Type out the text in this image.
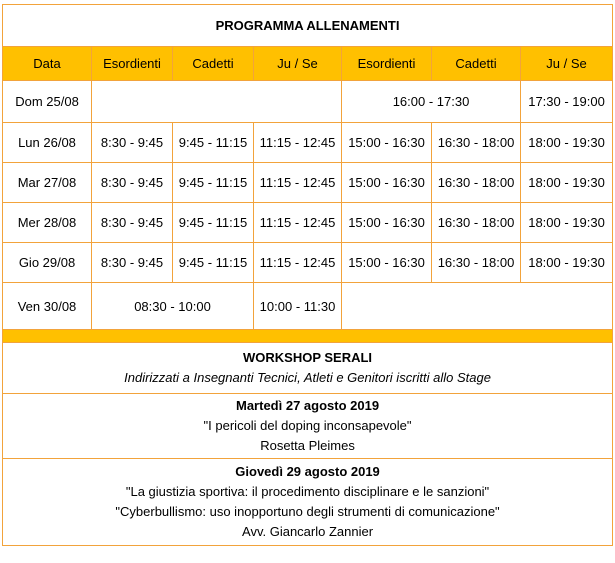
PROGRAMMA ALLENAMENTI						
Data	Esordienti	Cadetti	Ju / Se	Esordienti	Cadetti	Ju / Se
Dom 25/08				16:00 - 17:30		17:30 - 19:00
Lun 26/08	8:30 - 9:45	9:45 - 11:15	11:15 - 12:45	15:00 - 16:30	16:30 - 18:00	18:00 - 19:30
Mar 27/08	8:30 - 9:45	9:45 - 11:15	11:15 - 12:45	15:00 - 16:30	16:30 - 18:00	18:00 - 19:30
Mer 28/08	8:30 - 9:45	9:45 - 11:15	11:15 - 12:45	15:00 - 16:30	16:30 - 18:00	18:00 - 19:30
Gio 29/08	8:30 - 9:45	9:45 - 11:15	11:15 - 12:45	15:00 - 16:30	16:30 - 18:00	18:00 - 19:30
Ven 30/08	08:30 - 10:00		10:00 - 11:30			

WORKSHOP SERALI
Indirizzati a Insegnanti Tecnici, Atleti e Genitori iscritti allo Stage						

Martedì 27 agosto 2019
"I pericoli del doping inconsapevole"
Rosetta Pleimes						

Giovedì 29 agosto 2019
"La giustizia sportiva: il procedimento disciplinare e le sanzioni"
"Cyberbullismo: uso inopportuno degli strumenti di comunicazione"
Avv. Giancarlo Zannier						
